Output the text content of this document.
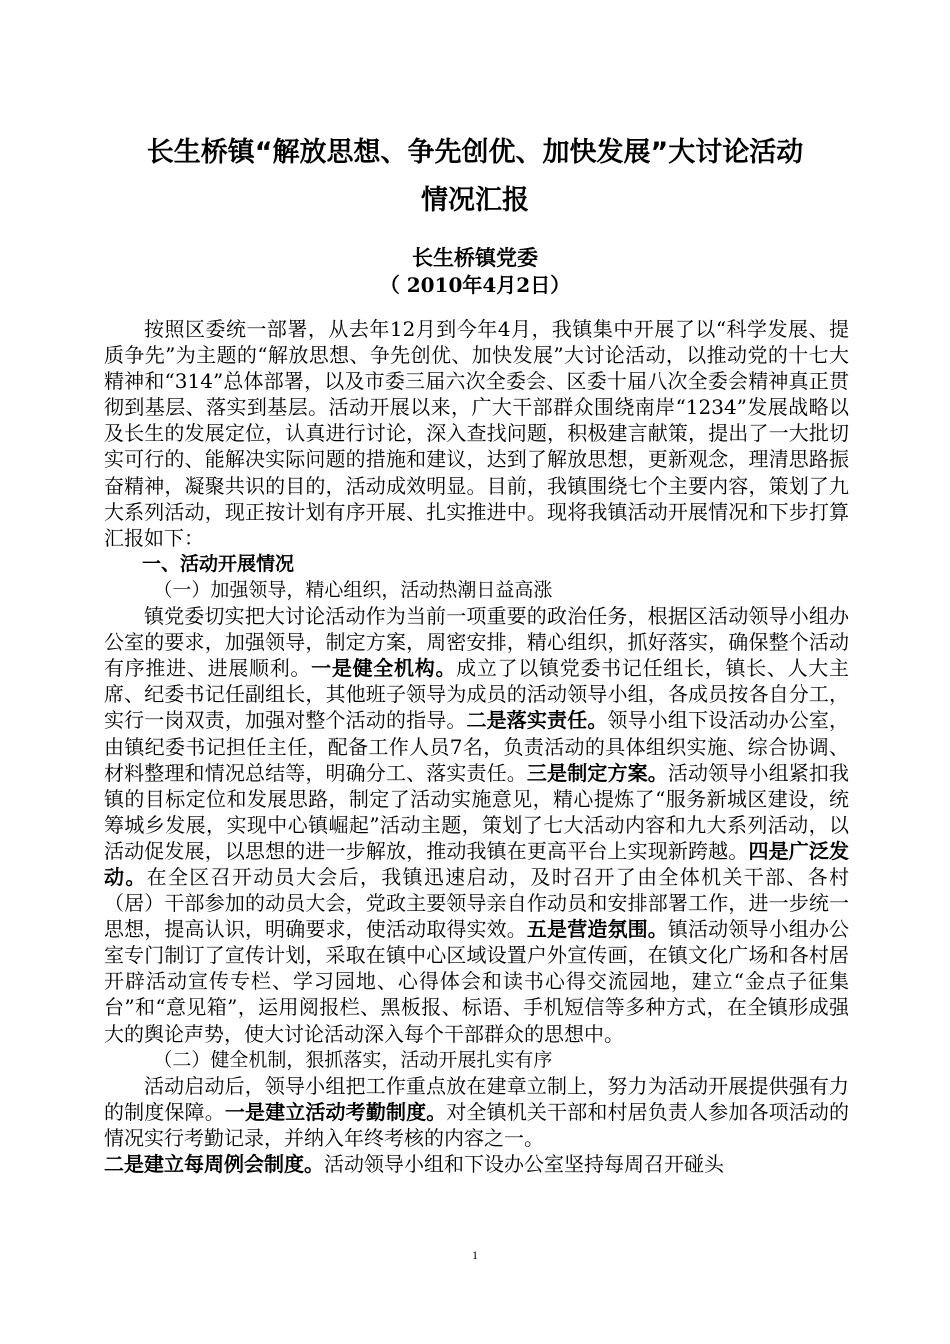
长生桥镇“解放思想、争先创优、加快发展”大讨论活动
情况汇报
长生桥镇党委
（ 2010年4月2日）

按照区委统一部署，从去年12月到今年4月，我镇集中开展了以“科学发展、提质争先”为主题的“解放思想、争先创优、加快发展”大讨论活动，以推动党的十七大精神和“314”总体部署，以及市委三届六次全委会、区委十届八次全委会精神真正贯彻到基层、落实到基层。活动开展以来，广大干部群众围绕南岸“1234”发展战略以及长生的发展定位，认真进行讨论，深入查找问题，积极建言献策，提出了一大批切实可行的、能解决实际问题的措施和建议，达到了解放思想，更新观念，理清思路振奋精神，凝聚共识的目的，活动成效明显。目前，我镇围绕七个主要内容，策划了九大系列活动，现正按计划有序开展、扎实推进中。现将我镇活动开展情况和下步打算汇报如下：

一、活动开展情况
（一）加强领导，精心组织，活动热潮日益高涨

镇党委切实把大讨论活动作为当前一项重要的政治任务，根据区活动领导小组办公室的要求，加强领导，制定方案，周密安排，精心组织，抓好落实，确保整个活动有序推进、进展顺利。一是健全机构。成立了以镇党委书记任组长，镇长、人大主席、纪委书记任副组长，其他班子领导为成员的活动领导小组，各成员按各自分工，实行一岗双责，加强对整个活动的指导。二是落实责任。领导小组下设活动办公室，由镇纪委书记担任主任，配备工作人员7名，负责活动的具体组织实施、综合协调、材料整理和情况总结等，明确分工、落实责任。三是制定方案。活动领导小组紧扣我镇的目标定位和发展思路，制定了活动实施意见，精心提炼了“服务新城区建设，统筹城乡发展，实现中心镇崛起”活动主题，策划了七大活动内容和九大系列活动，以活动促发展，以思想的进一步解放，推动我镇在更高平台上实现新跨越。四是广泛发动。在全区召开动员大会后，我镇迅速启动，及时召开了由全体机关干部、各村（居）干部参加的动员大会，党政主要领导亲自作动员和安排部署工作，进一步统一思想，提高认识，明确要求，使活动取得实效。五是营造氛围。镇活动领导小组办公室专门制订了宣传计划，采取在镇中心区域设置户外宣传画，在镇文化广场和各村居开辟活动宣传专栏、学习园地、心得体会和读书心得交流园地，建立“金点子征集台”和“意见箱”，运用阅报栏、黑板报、标语、手机短信等多种方式，在全镇形成强大的舆论声势，使大讨论活动深入每个干部群众的思想中。

（二）健全机制，狠抓落实，活动开展扎实有序

活动启动后，领导小组把工作重点放在建章立制上，努力为活动开展提供强有力的制度保障。一是建立活动考勤制度。对全镇机关干部和村居负责人参加各项活动的情况实行考勤记录，并纳入年终考核的内容之一。

二是建立每周例会制度。活动领导小组和下设办公室坚持每周召开碰头

1
